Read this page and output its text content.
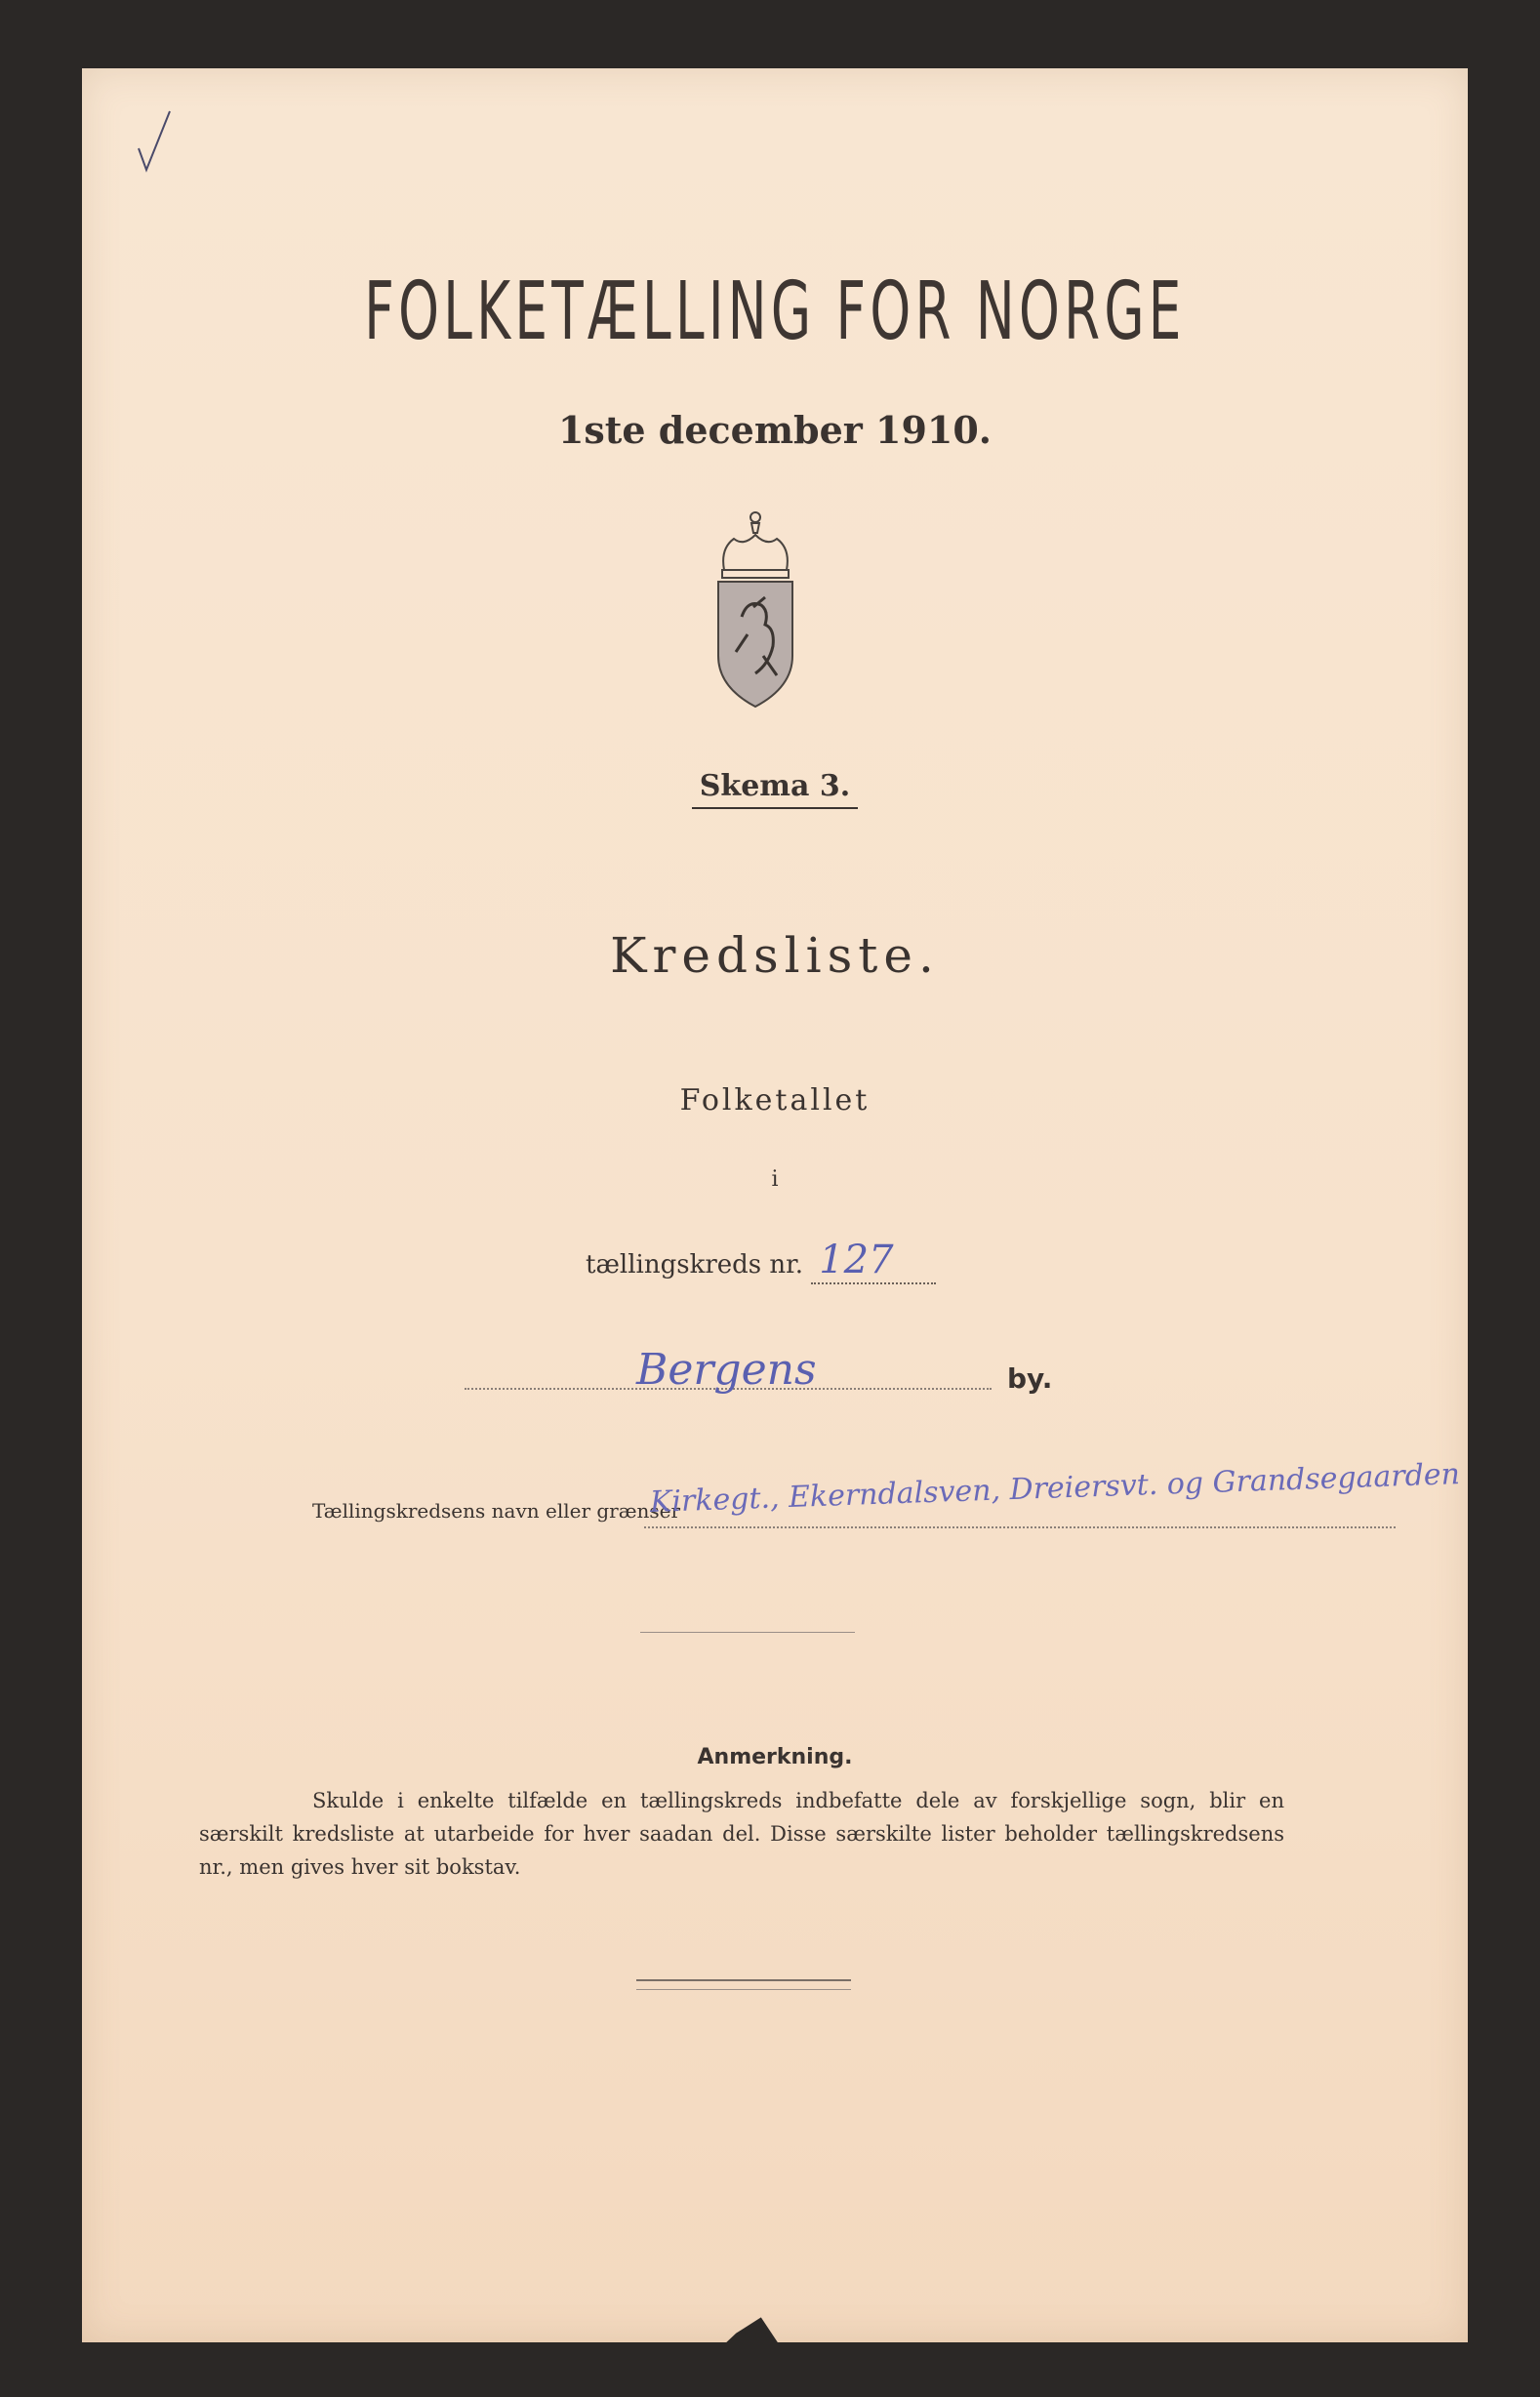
FOLKETÆLLING FOR NORGE
1ste december 1910.
Skema 3.
Kredsliste.
Folketallet
i
tællingskreds nr. 127
Bergens	by.
Tællingskredsens navn eller grænser
Kirkegt., Ekerndalsven, Dreiersvt. og Grandsegaarden
Anmerkning.
Skulde i enkelte tilfælde en tællingskreds indbefatte dele av forskjellige sogn, blir en særskilt kredsliste at utarbeide for hver saadan del. Disse særskilte lister beholder tællingskredsens nr., men gives hver sit bokstav.
